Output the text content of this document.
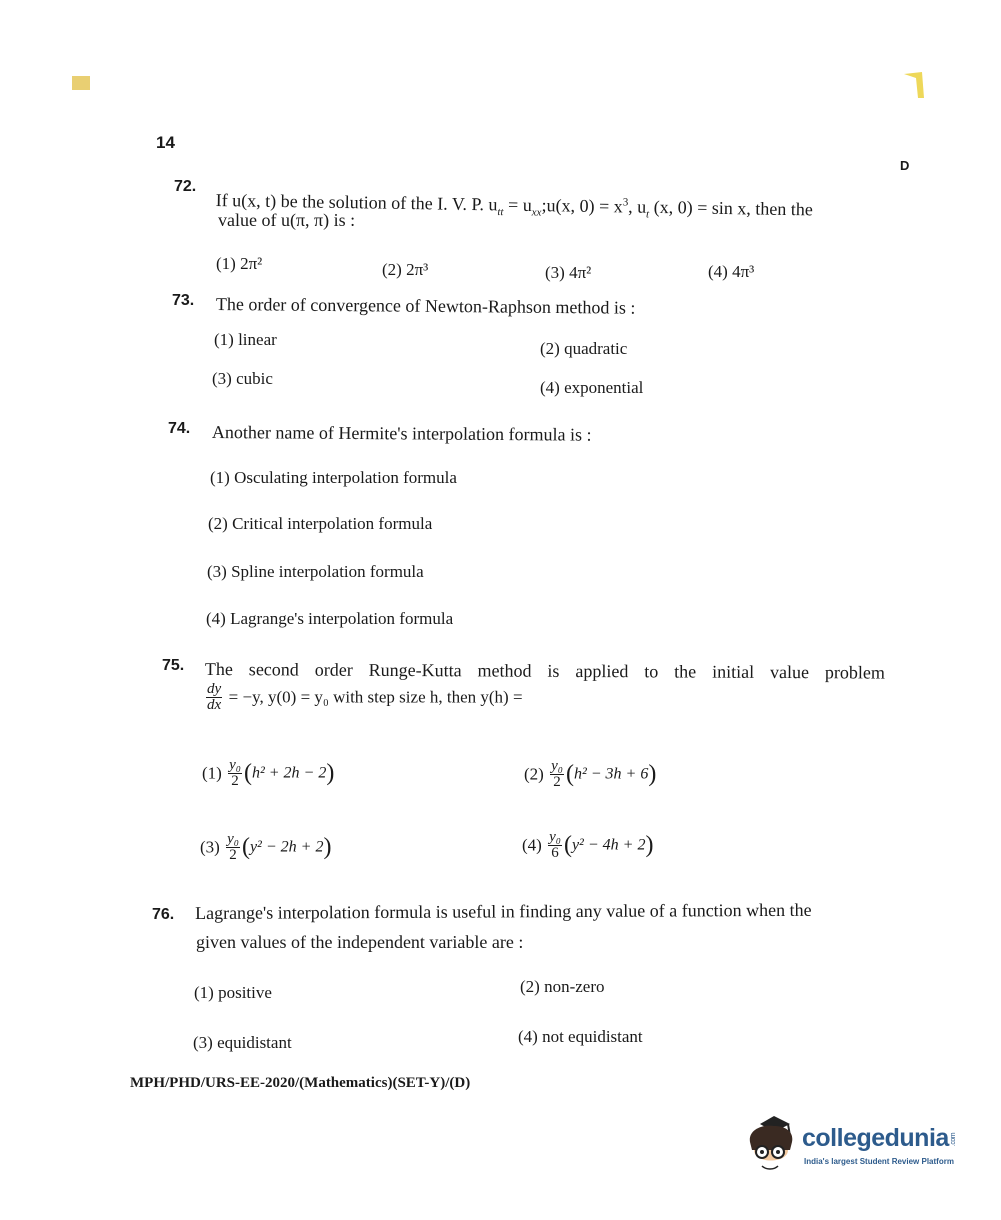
14
D
72.
If u(x, t) be the solution of the I. V. P. $u_{tt}$ = $u_{xx};u(x$, $0) = x^3$, $u_t$ (x, 0) = sin x, then the
value of u(π, π) is :
(1) 2π²	(2) 2π³	(3) 4π²	(4) 4π³
73. The order of convergence of Newton-Raphson method is :
(1) linear	(2) quadratic
(3) cubic	(4) exponential
74. Another name of Hermite's interpolation formula is :
(1) Osculating interpolation formula
(2) Critical interpolation formula
(3) Spline interpolation formula
(4) Lagrange's interpolation formula
75. The second order Runge-Kutta method is applied to the initial value problem
$\frac{dy}{dx} = -y$, y(0) = y₀ with step size h, then y(h) =
$(1) \frac{\text{y₀}}{2} (h^2 + 2h - 2)$	$(2) \frac{\text{y₀}}{2} (h^2 - 3h + 6)$
$(3) \frac{\text{y₀}}{2} (y^2 - 2h + 2)$	$(4) \frac{\text{y₀}}{6} (y^2 - 4h + 2)$
76. Lagrange's interpolation formula is useful in finding any value of a function when the
given values of the independent variable are :
(1) positive	(2) non-zero
(3) equidistant	(4) not equidistant
MPH/PHD/URS-EE-2020/(Mathematics)(SET-Y)/(D)
collegedunia.com
India's largest Student Review Platform
